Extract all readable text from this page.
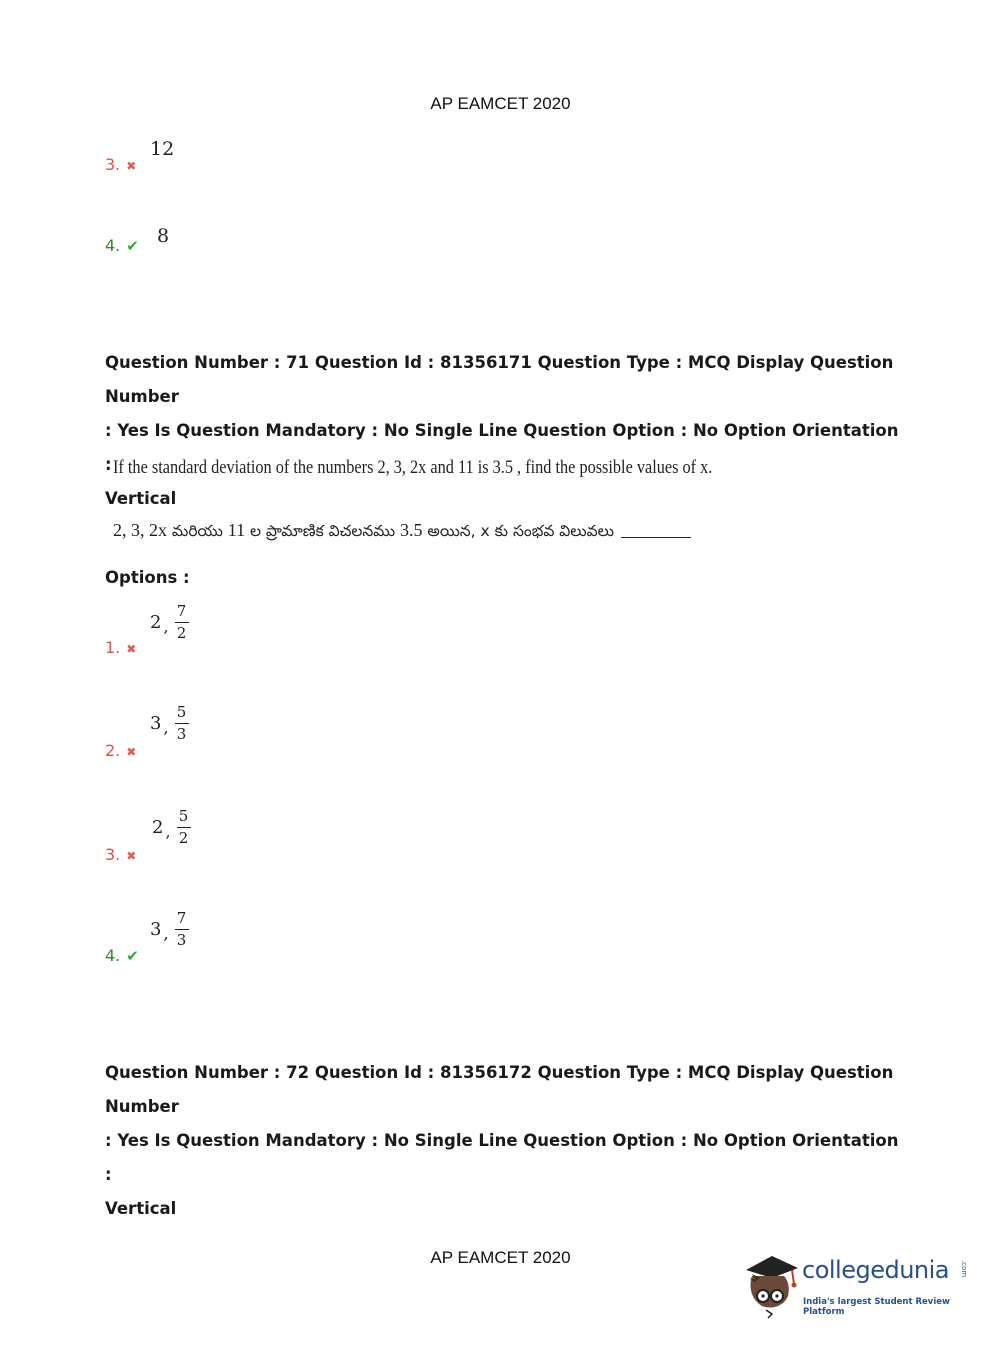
AP EAMCET 2020
3. ✖
12
4. ✔ 8
Question Number : 71 Question Id : 81356171 Question Type : MCQ Display Question Number
: Yes Is Question Mandatory : No Single Line Question Option : No Option Orientation :
Vertical
If the standard deviation of the numbers 2, 3, 2x and 11 is 3.5 , find the possible values of x.
2, 3, 2x మరియు 11 ల ప్రామాణిక విచలనము 3.5 అయిన, x కు సంభవ విలువలు
Options :
1. ✖
2 , $\frac{7}{2}$
2. ✖
3 , $\frac{5}{3}$
3. ✖
2 , $\frac{5}{2}$
4. ✔
3 , $\frac{7}{3}$
Question Number : 72 Question Id : 81356172 Question Type : MCQ Display Question Number
: Yes Is Question Mandatory : No Single Line Question Option : No Option Orientation :
Vertical
AP EAMCET 2020	collegedunia .com
India's largest Student Review Platform
